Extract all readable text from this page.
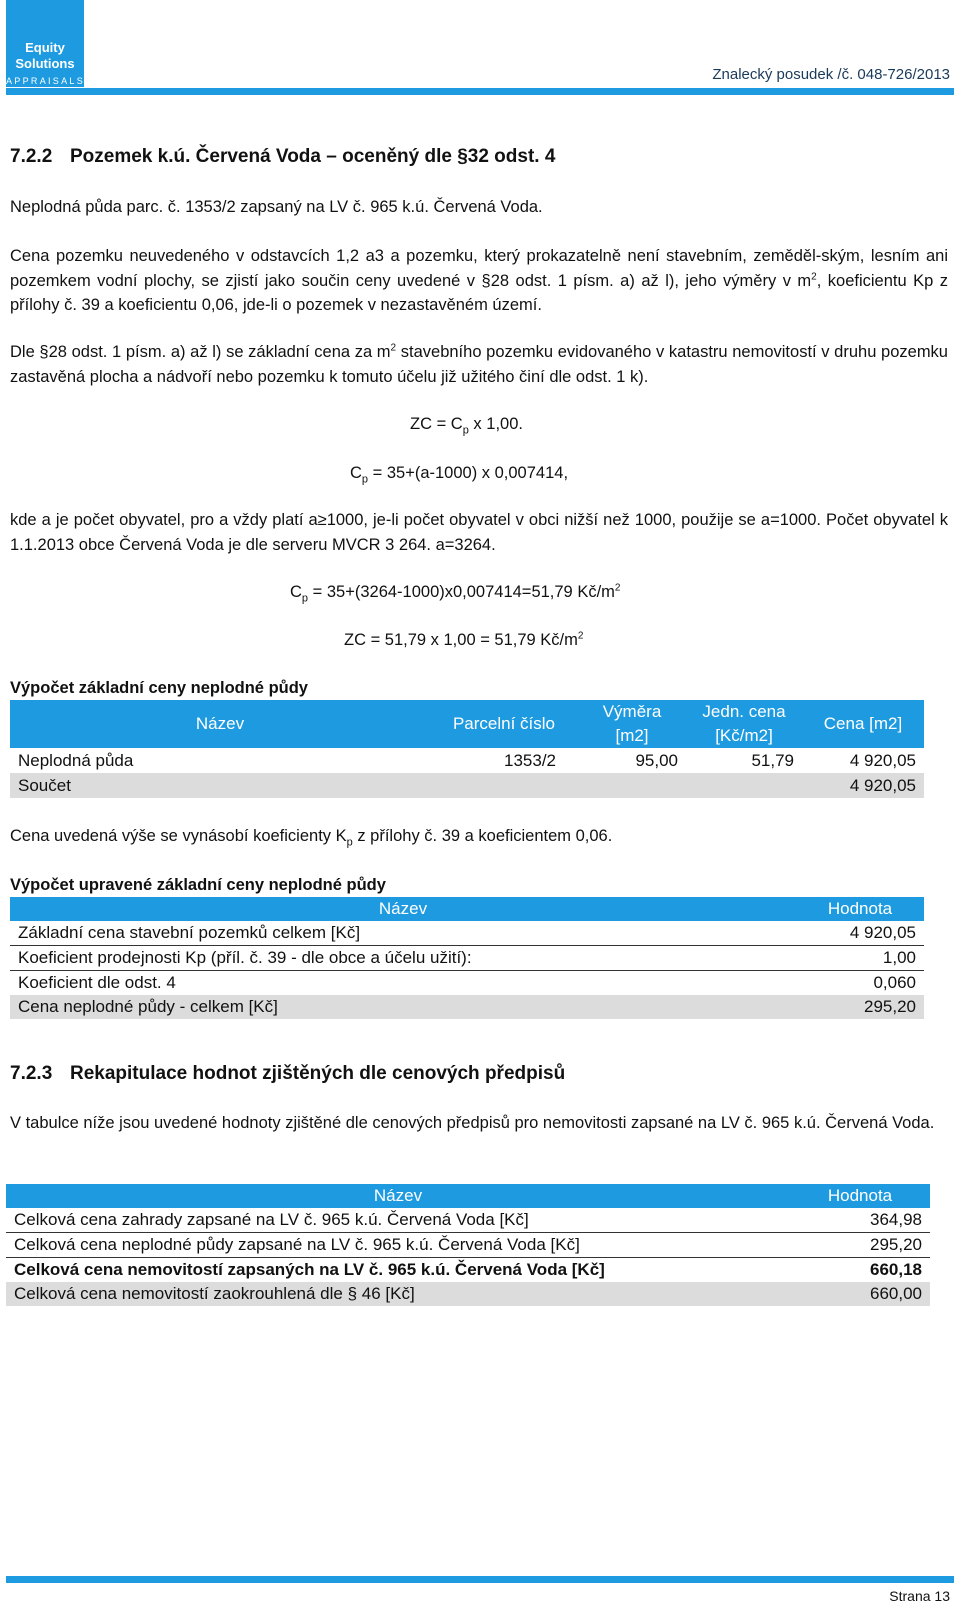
Equity
Solutions
APPRAISALS	Znalecký posudek /č. 048-726/2013
7.2.2 Pozemek k.ú. Červená Voda – oceněný dle §32 odst. 4
Neplodná půda parc. č. 1353/2 zapsaný na LV č. 965 k.ú. Červená Voda.
Cena pozemku neuvedeného v odstavcích 1,2 a3 a pozemku, který prokazatelně není stavebním, zeměděl-ským, lesním ani pozemkem vodní plochy, se zjistí jako součin ceny uvedené v §28 odst. 1 písm. a) až l), jeho výměry v $m^2$, koeficientu Kp z přílohy č. 39 a koeficientu 0,06, jde-li o pozemek v nezastavěném území.
Dle §28 odst. 1 písm. a) až l) se základní cena za $m^2$ stavebního pozemku evidovaného v katastru nemovitostí v druhu pozemku zastavěná plocha a nádvoří nebo pozemku k tomuto účelu již užitého činí dle odst. 1 k).
ZC = $C_p$ x 1,00.
$C_p = 35+(a-1000)$ x 0,007414,
kde a je počet obyvatel, pro a vždy platí a≥1000, je-li počet obyvatel v obci nižší než 1000, použije se a=1000. Počet obyvatel k 1.1.2013 obce Červená Voda je dle serveru MVCR 3 264. a=3264.
$C_p = 35+(3264-1000)x0,007414=51,79$ $Kč/m^2$
ZC = 51,79 x 1,00 = 51,79 $Kč/m^2$
Výpočet základní ceny neplodné půdy
Název	Parcelní číslo	Výměra [m2]	Jedn. cena [Kč/m2]	Cena [m2]
Neplodná půda	1353/2	95,00	51,79	4 920,05
Součet				4 920,05
Cena uvedená výše se vynásobí koeficienty $K_p$ z přílohy č. 39 a koeficientem 0,06.
Výpočet upravené základní ceny neplodné půdy
Název	Hodnota
Základní cena stavební pozemků celkem [Kč]	4 920,05
Koeficient prodejnosti Kp (příl. č. 39 - dle obce a účelu užití):	1,00
Koeficient dle odst. 4	0,060
Cena neplodné půdy - celkem [Kč]	295,20
7.2.3 Rekapitulace hodnot zjištěných dle cenových předpisů
V tabulce níže jsou uvedené hodnoty zjištěné dle cenových předpisů pro nemovitosti zapsané na LV č. 965 k.ú. Červená Voda.
Název	Hodnota
Celková cena zahrady zapsané na LV č. 965 k.ú. Červená Voda [Kč]	364,98
Celková cena neplodné půdy zapsané na LV č. 965 k.ú. Červená Voda [Kč]	295,20
Celková cena nemovitostí zapsaných na LV č. 965 k.ú. Červená Voda [Kč]	660,18
Celková cena nemovitostí zaokrouhlená dle § 46 [Kč]	660,00
Strana 13
